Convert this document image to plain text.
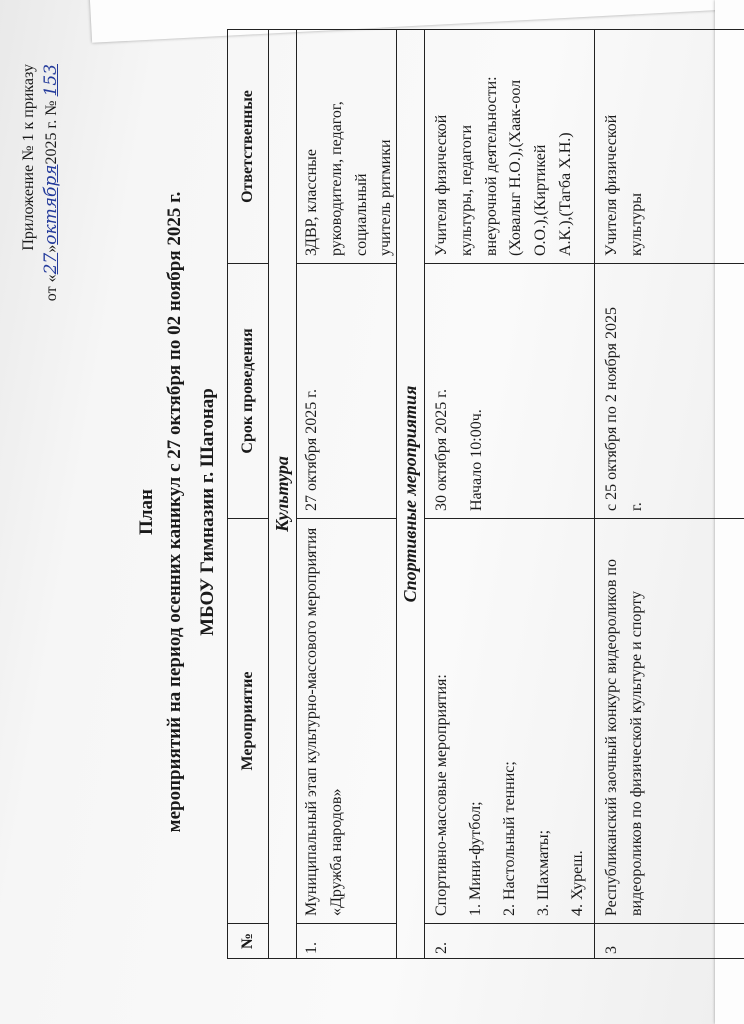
Приложение № 1 к приказу
от «27»октября2025 г. № 153
План мероприятий на период осенних каникул с 27 октября по 02 ноября 2025 г. МБОУ Гимназии г. Шагонар
№
Мероприятие
Срок проведения
Ответственные
Культура	Спортивные мероприятия
1.
Муниципальный этап культурно-массового мероприятия «Дружба народов»
27 октября 2025 г.
ЗДВР, классные руководители, педагог, социальный учитель ритмики
2.
Спортивно-массовые мероприятия: 1. Мини-футбол; 2. Настольный теннис; 3. Шахматы; 4. Хуреш.
30 октября 2025 г. Начало 10:00ч.
Учителя физической культуры, педагоги внеурочной деятельности: (Ховалыг Н.О.),(Хаак-оол О.О.),(Киртикей А.К.),(Тагба Х.Н.)
3
Республиканский заочный конкурс видеороликов по видеороликов по физической культуре и спорту
с 25 октября по 2 ноября 2025 г.
Учителя физической культуры
